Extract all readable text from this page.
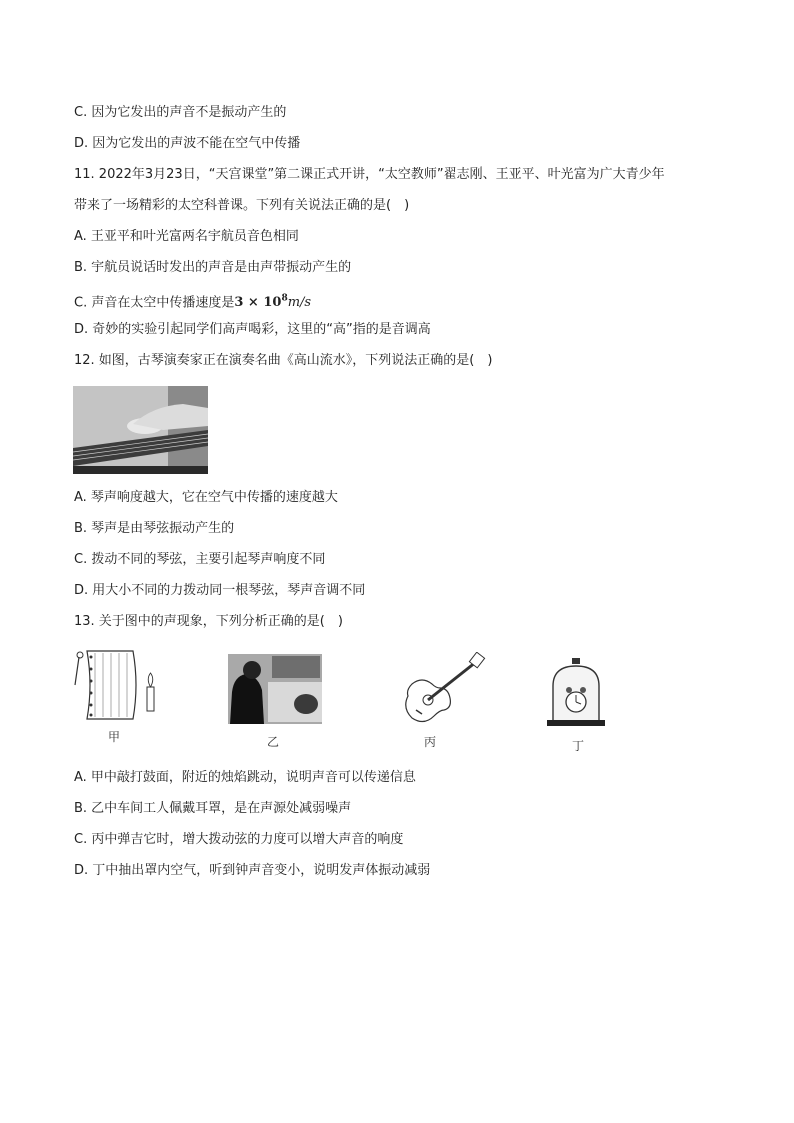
C. 因为它发出的声音不是振动产生的
D. 因为它发出的声波不能在空气中传播
11. 2022年3月23日，“天宫课堂”第二课正式开讲，“太空教师”翟志刚、王亚平、叶光富为广大青少年
带来了一场精彩的太空科普课。下列有关说法正确的是(　)
A. 王亚平和叶光富两名宇航员音色相同
B. 宇航员说话时发出的声音是由声带振动产生的
C. 声音在太空中传播速度是$3 \times 10^8m/s$
D. 奇妙的实验引起同学们高声喝彩，这里的“高”指的是音调高
12. 如图，古琴演奏家正在演奏名曲《高山流水》，下列说法正确的是(　)
A. 琴声响度越大，它在空气中传播的速度越大
B. 琴声是由琴弦振动产生的
C. 拨动不同的琴弦，主要引起琴声响度不同
D. 用大小不同的力拨动同一根琴弦，琴声音调不同
13. 关于图中的声现象，下列分析正确的是(　)
甲	乙	丙	丁
A. 甲中敲打鼓面，附近的烛焰跳动，说明声音可以传递信息
B. 乙中车间工人佩戴耳罩，是在声源处减弱噪声
C. 丙中弹吉它时，增大拨动弦的力度可以增大声音的响度
D. 丁中抽出罩内空气，听到钟声音变小，说明发声体振动减弱
